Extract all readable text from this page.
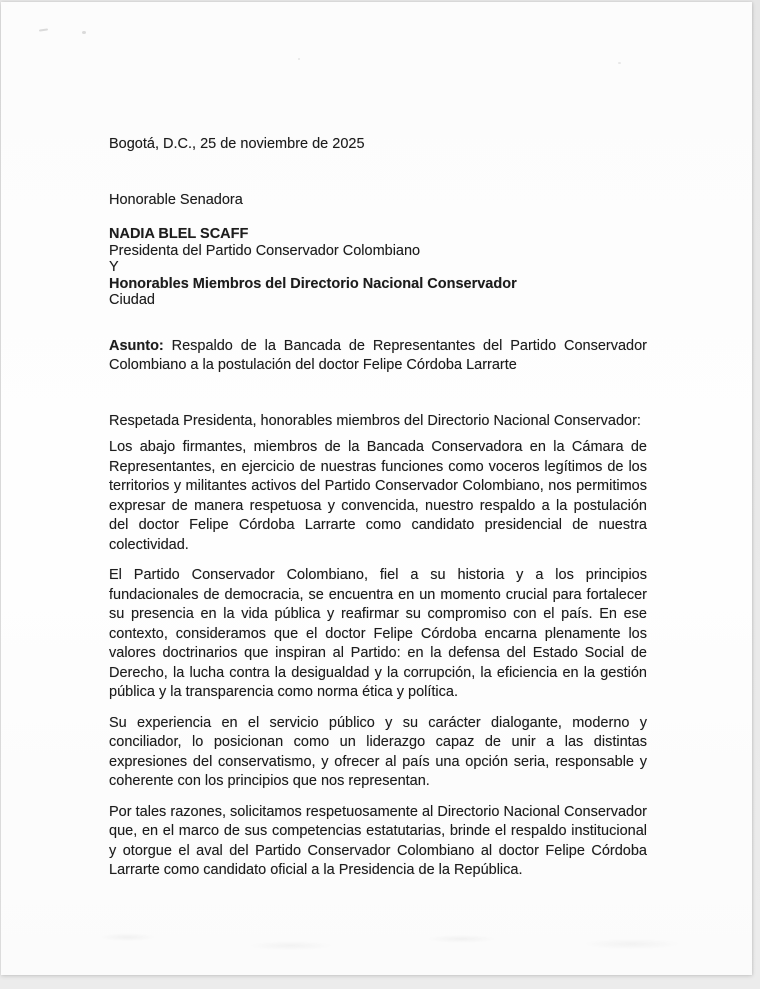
Bogotá, D.C., 25 de noviembre de 2025

Honorable Senadora

NADIA BLEL SCAFF

Presidenta del Partido Conservador Colombiano

Y

Honorables Miembros del Directorio Nacional Conservador

Ciudad

Asunto: Respaldo de la Bancada de Representantes del Partido Conservador Colombiano a la postulación del doctor Felipe Córdoba Larrarte

Respetada Presidenta, honorables miembros del Directorio Nacional Conservador:

Los abajo firmantes, miembros de la Bancada Conservadora en la Cámara de Representantes, en ejercicio de nuestras funciones como voceros legítimos de los territorios y militantes activos del Partido Conservador Colombiano, nos permitimos expresar de manera respetuosa y convencida, nuestro respaldo a la postulación del doctor Felipe Córdoba Larrarte como candidato presidencial de nuestra colectividad.

El Partido Conservador Colombiano, fiel a su historia y a los principios fundacionales de democracia, se encuentra en un momento crucial para fortalecer su presencia en la vida pública y reafirmar su compromiso con el país. En ese contexto, consideramos que el doctor Felipe Córdoba encarna plenamente los valores doctrinarios que inspiran al Partido: en la defensa del Estado Social de Derecho, la lucha contra la desigualdad y la corrupción, la eficiencia en la gestión pública y la transparencia como norma ética y política.

Su experiencia en el servicio público y su carácter dialogante, moderno y conciliador, lo posicionan como un liderazgo capaz de unir a las distintas expresiones del conservatismo, y ofrecer al país una opción seria, responsable y coherente con los principios que nos representan.

Por tales razones, solicitamos respetuosamente al Directorio Nacional Conservador que, en el marco de sus competencias estatutarias, brinde el respaldo institucional y otorgue el aval del Partido Conservador Colombiano al doctor Felipe Córdoba Larrarte como candidato oficial a la Presidencia de la República.
